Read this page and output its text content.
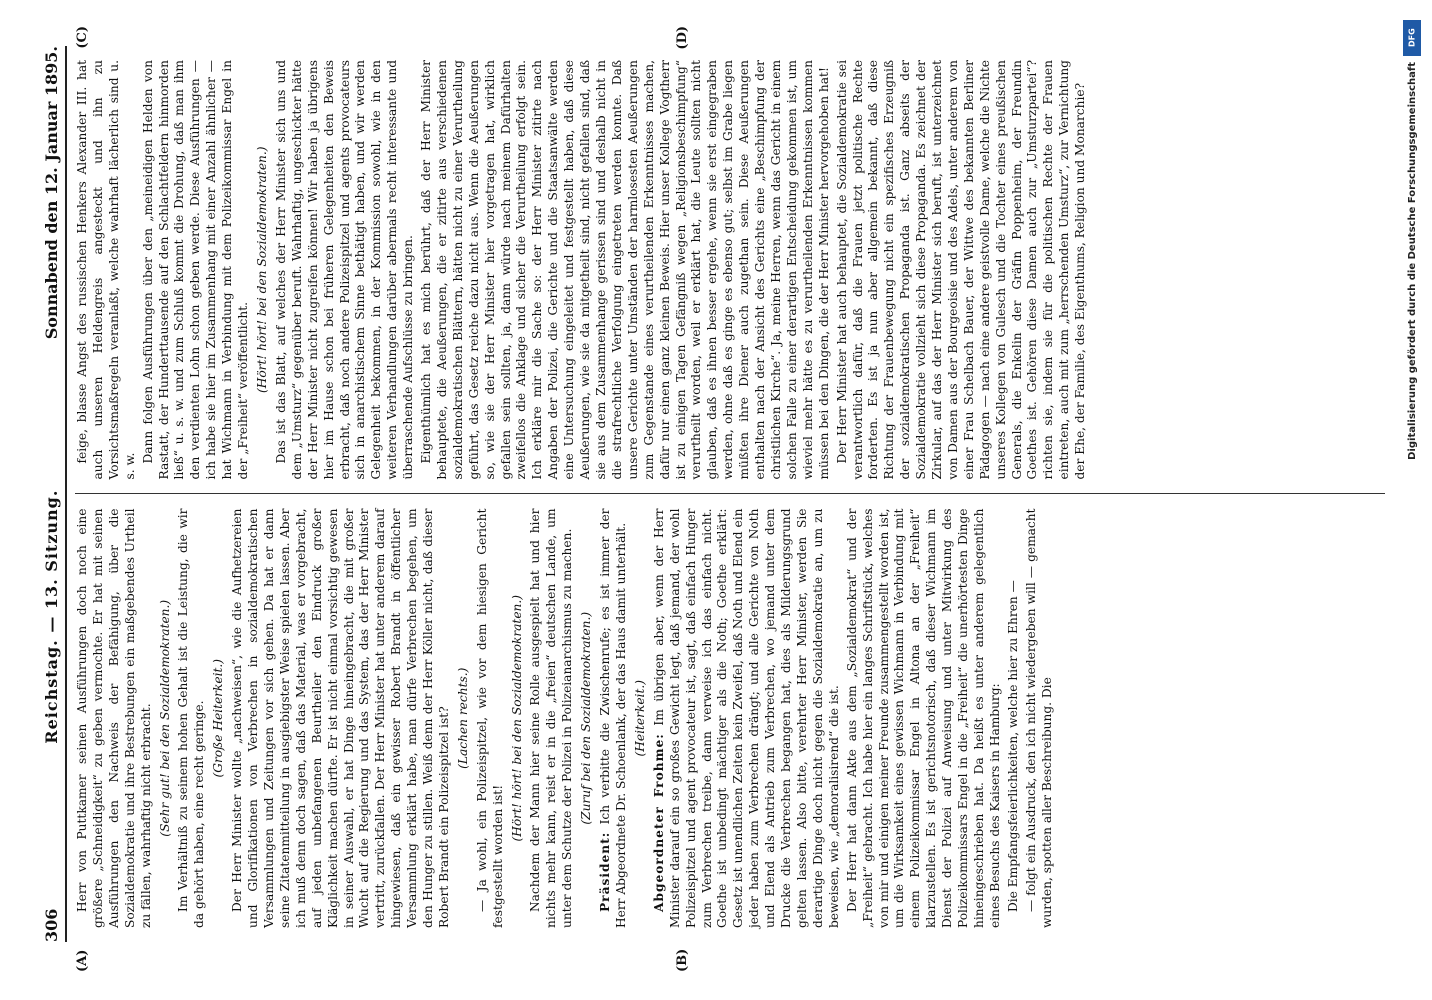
306
Reichstag. — 13. Sitzung.
Sonnabend den 12. Januar 1895.
(A)	(B)

Herr von Puttkamer seinen Ausführungen doch noch eine größere „Schneidigkeit“ zu geben vermochte. Er hat mit seinen Ausführungen den Nachweis der Befähigung, über die Sozialdemokratie und ihre Bestrebungen ein maßgebendes Urtheil zu fällen, wahrhaftig nicht erbracht. (Sehr gut! bei den Sozialdemokraten.) Im Verhältniß zu seinem hohen Gehalt ist die Leistung, die wir da gehört haben, eine recht geringe. (Große Heiterkeit.) Der Herr Minister wollte „nachweisen“, wie die Aufhetzereien und Glorifikationen von Verbrechen in sozialdemokratischen Versammlungen und Zeitungen vor sich gehen. Da hat er dann seine Zitatenmitteilung in ausgiebigster Weise spielen lassen. Aber ich muß denn doch sagen, daß das Material, was er vorgebracht, auf jeden unbefangenen Beurtheiler den Eindruck großer Kläglichkeit machen dürfte. Er ist nicht einmal vorsichtig gewesen in seiner Auswahl, er hat Dinge hineingebracht, die mit großer Wucht auf die Regierung und das System, das der Herr Minister vertritt, zurückfallen. Der Herr Minister hat unter anderem darauf hingewiesen, daß ein gewisser Robert Brandt in öffentlicher Versammlung erklärt habe, man dürfe Verbrechen begehen, um den Hunger zu stillen. Weiß denn der Herr Köller nicht, daß dieser Robert Brandt ein Polizeispitzel ist? (Lachen rechts.) — Ja wohl, ein Polizeispitzel, wie vor dem hiesigen Gericht festgestellt worden ist!

(Hört! hört! bei den Sozialdemokraten.) Nachdem der Mann hier seine Rolle ausgespielt hat und hier nichts mehr kann, reist er in die „freien“ deutschen Lande, um unter dem Schutze der Polizei in Polizeianarchismus zu machen. (Zuruf bei den Sozialdemokraten.)

Präsident: Ich verbitte die Zwischenrufe; es ist immer der Herr Abgeordnete Dr. Schoenlank, der das Haus damit unterhält. (Heiterkeit.)

Abgeordneter Frohme: Im übrigen aber, wenn der Herr Minister darauf ein so großes Gewicht legt, daß jemand, der wohl Polizeispitzel und agent provocateur ist, sagt, daß einfach Hunger zum Verbrechen treibe, dann verweise ich das einfach nicht. Goethe ist unbedingt mächtiger als die Noth; Goethe erklärt: Gesetz ist unendlichen Zeiten kein Zweifel, daß Noth und Elend ein jeder haben zum Verbrechen drängt; und alle Gerichte von Noth und Elend als Antrieb zum Verbrechen, wo jemand unter dem Drucke die Verbrechen begangen hat, dies als Milderungsgrund gelten lassen. Also bitte, verehrter Herr Minister, werden Sie derartige Dinge doch nicht gegen die Sozialdemokratie an, um zu beweisen, wie „demoralisirend“ die ist. Der Herr hat dann Akte aus dem „Sozialdemokrat“ und der „Freiheit“ gebracht. Ich habe hier ein langes Schriftstück, welches von mir und einigen meiner Freunde zusammengestellt worden ist, um die Wirksamkeit eines gewissen Wichmann in Verbindung mit einem Polizeikommissar Engel in Altona an der „Freiheit“ klarzustellen. Es ist gerichtsnotorisch, daß dieser Wichmann im Dienst der Polizei auf Anweisung und unter Mitwirkung des Polizeikommissars Engel in die „Freiheit“ die unerhörtesten Dinge hineingeschrieben hat. Da heißt es unter anderem gelegentlich eines Besuchs des Kaisers in Hamburg: Die Empfangsfeierlichkeiten, welche hier zu Ehren — — folgt ein Ausdruck, den ich nicht wiedergeben will — gemacht wurden, spotten aller Beschreibung. Die

(C)	(D)

feige, blasse Angst des russischen Henkers Alexander III. hat auch unseren Heldengreis angesteckt und ihn zu Vorsichtsmaßregeln veranlaßt, welche wahrhaft lächerlich sind u. s. w.

Dann folgen Ausführungen über den „meineidigen Helden von Rastatt, der Hunderttausende auf den Schlachtfeldern hinmorden ließ“ u. s. w. und zum Schluß kommt die Drohung, daß man ihm den verdienten Lohn schon geben werde. Diese Ausführungen — ich habe sie hier im Zusammenhang mit einer Anzahl ähnlicher — hat Wichmann in Verbindung mit dem Polizeikommissar Engel in der „Freiheit“ veröffentlicht. (Hört! hört! bei den Sozialdemokraten.) Das ist das Blatt, auf welches der Herr Minister sich uns und dem „Umsturz“ gegenüber beruft. Wahrhaftig, ungeschickter hätte der Herr Minister nicht zugreifen können! Wir haben ja übrigens hier im Hause schon bei früheren Gelegenheiten den Beweis erbracht, daß noch andere Polizeispitzel und agents provocateurs sich in anarchistischem Sinne bethätigt haben, und wir werden Gelegenheit bekommen, in der Kommission sowohl, wie in den weiteren Verhandlungen darüber abermals recht interessante und überraschende Aufschlüsse zu bringen. Eigenthümlich hat es mich berührt, daß der Herr Minister behauptete, die Aeußerungen, die er zitirte aus verschiedenen sozialdemokratischen Blättern, hätten nicht zu einer Verurtheilung geführt, das Gesetz reiche dazu nicht aus. Wenn die Aeußerungen so, wie sie der Herr Minister hier vorgetragen hat, wirklich gefallen sein sollten, ja, dann würde nach meinem Dafürhalten zweifellos die Anklage und sicher die Verurtheilung erfolgt sein. Ich erkläre mir die Sache so: der Herr Minister zitirte nach Angaben der Polizei, die Gerichte und die Staatsanwälte werden eine Untersuchung eingeleitet und festgestellt haben, daß diese Aeußerungen, wie sie da mitgetheilt sind, nicht gefallen sind, daß sie aus dem Zusammenhange gerissen sind und deshalb nicht in die strafrechtliche Verfolgung eingetreten werden konnte. Daß unsere Gerichte unter Umständen der harmlosesten Aeußerungen zum Gegenstande eines verurtheilenden Erkenntnisses machen, dafür nur einen ganz kleinen Beweis. Hier unser Kollege Vogtherr ist zu einigen Tagen Gefängniß wegen „Religionsbeschimpfung“ verurtheilt worden, weil er erklärt hat, die Leute sollten nicht glauben, daß es ihnen besser ergehe, wenn sie erst eingegraben werden, ohne daß es ginge es ebenso gut; selbst im Grabe liegen müßten ihre Diener auch zugethan sein. Diese Aeußerungen enthalten nach der Ansicht des Gerichts eine „Beschimpfung der christlichen Kirche“. Ja, meine Herren, wenn das Gericht in einem solchen Falle zu einer derartigen Entscheidung gekommen ist, um wieviel mehr hätte es zu verurtheilenden Erkenntnissen kommen müssen bei den Dingen, die der Herr Minister hervorgehoben hat! Der Herr Minister hat auch behauptet, die Sozialdemokratie sei verantwortlich dafür, daß die Frauen jetzt politische Rechte forderten. Es ist ja nun aber allgemein bekannt, daß diese Richtung der Frauenbewegung nicht ein spezifisches Erzeugniß der sozialdemokratischen Propaganda ist. Ganz abseits der Sozialdemokratie vollzieht sich diese Propaganda. Es zeichnet der Zirkular, auf das der Herr Minister sich beruft, ist unterzeichnet von Damen aus der Bourgeoisie und des Adels, unter anderem von einer Frau Schelbach Bauer, der Wittwe des bekannten Berliner Pädagogen — nach eine andere geistvolle Dame, welche die Nichte unseres Kollegen von Gulesch und die Tochter eines preußischen Generals, die Enkelin der Gräfin Poppenheim, der Freundin Goethes ist. Gehören diese Damen auch zur „Umsturzpartei“? richten sie, indem sie für die politischen Rechte der Frauen eintreten, auch mit zum „herrschenden Umsturz“, zur Vernichtung der Ehe, der Familie, des Eigenthums, Religion und Monarchie?

DFG
Digitalisierung gefördert durch die Deutsche Forschungsgemeinschaft
